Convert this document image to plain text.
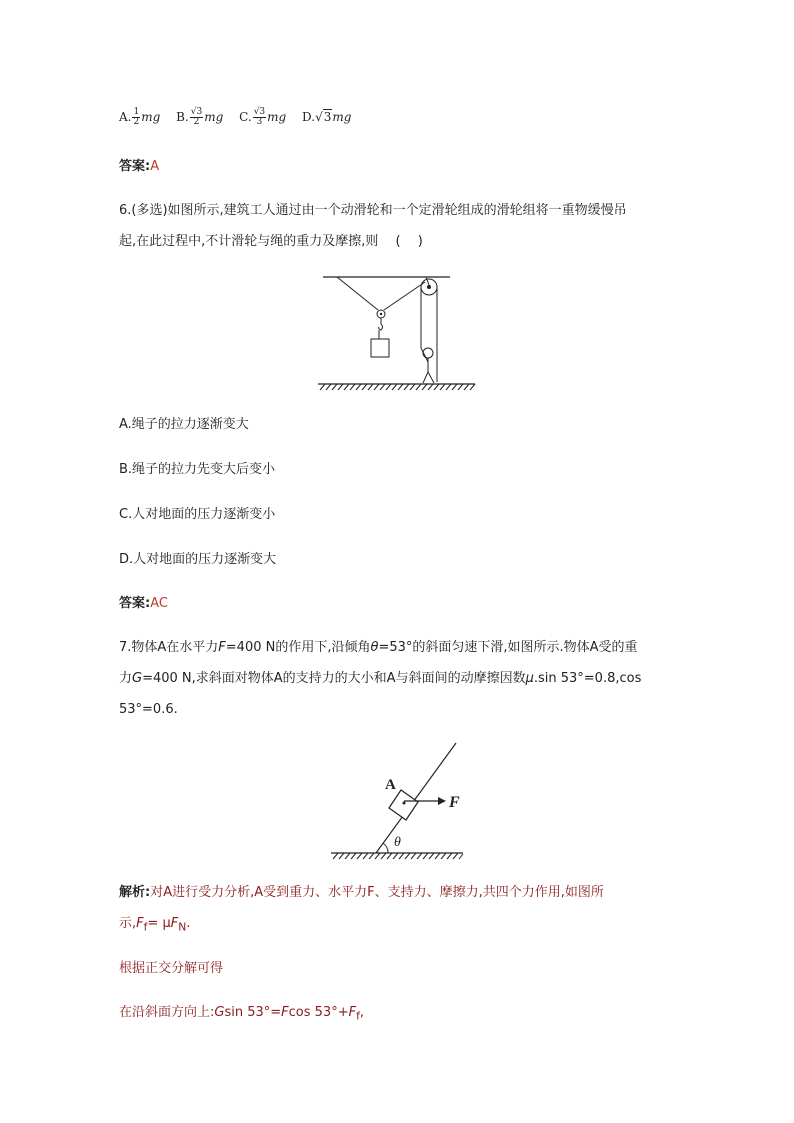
A. $\frac{1}{2}$ mg B. $\frac{√3}{2}$ mg C. $\frac{√3}{3}$ mg D.√3mg
答案:A
6.(多选)如图所示,建筑工人通过由一个动滑轮和一个定滑轮组成的滑轮组将一重物缓慢吊
起,在此过程中,不计滑轮与绳的重力及摩擦,则　 (　 )
A.绳子的拉力逐渐变大
B.绳子的拉力先变大后变小
C.人对地面的压力逐渐变小
D.人对地面的压力逐渐变大
答案:AC
7.物体A在水平力F=400 N的作用下,沿倾角θ=53°的斜面匀速下滑,如图所示.物体A受的重
力G=400 N,求斜面对物体A的支持力的大小和A与斜面间的动摩擦因数μ.sin 53°=0.8,cos
53°=0.6.
F
A
θ
解析:对A进行受力分析,A受到重力、水平力F、支持力、摩擦力,共四个力作用,如图所
示$,F_f= \mu F_N$.
根据正交分解可得
在沿斜面方向上:Gsin 53°=Fcos $53^\circ+F_f$,
